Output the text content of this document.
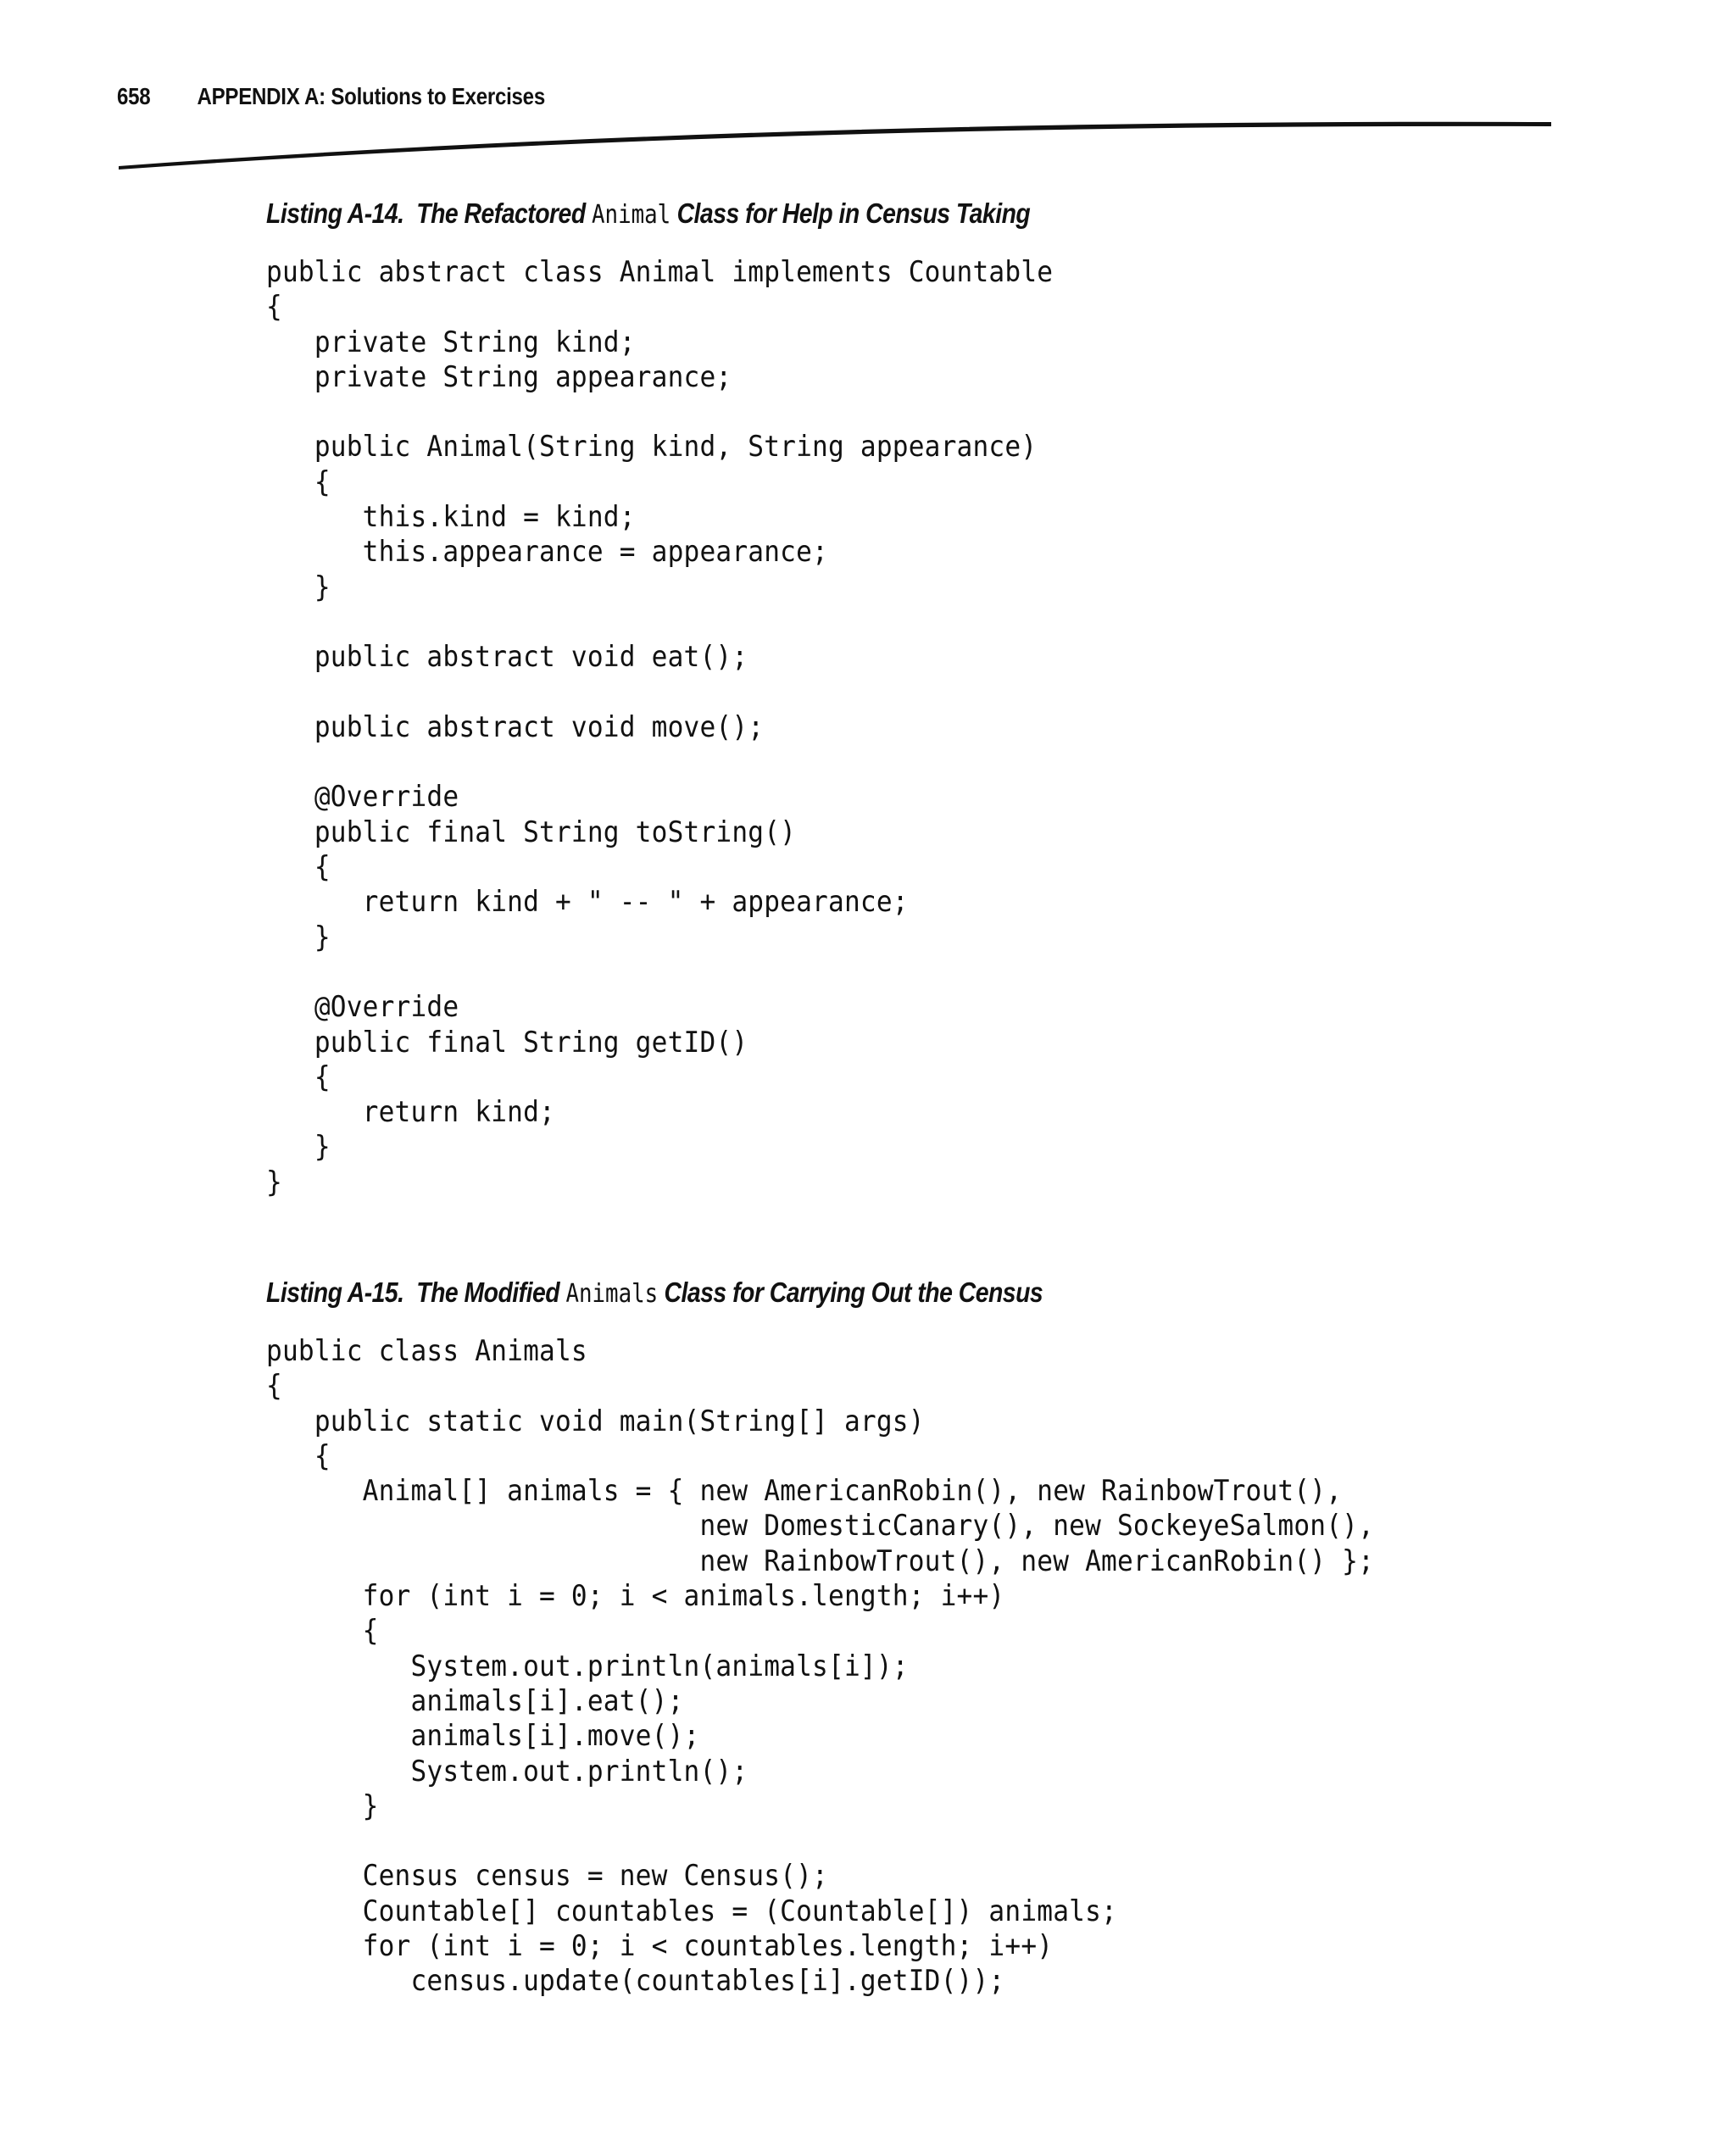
658 APPENDIX A: Solutions to Exercises
Listing A-14.  The Refactored Animal Class for Help in Census Taking
public abstract class Animal implements Countable
{
private String kind;
private String appearance;
public Animal(String kind, String appearance)
{
this.kind = kind;
this.appearance = appearance;
}
public abstract void eat();
public abstract void move();
@Override
public final String toString()
{
return kind + " -- " + appearance;
}
@Override
public final String getID()
{
return kind;
}
}
Listing A-15.  The Modified Animals Class for Carrying Out the Census
public class Animals
{
public static void main(String[] args)
{
Animal[] animals = { new AmericanRobin(), new RainbowTrout(),
new DomesticCanary(), new SockeyeSalmon(),
new RainbowTrout(), new AmericanRobin() };
for (int i = 0; i < animals.length; i++)
{
System.out.println(animals[i]);
animals[i].eat();
animals[i].move();
System.out.println();
}
Census census = new Census();
Countable[] countables = (Countable[]) animals;
for (int i = 0; i < countables.length; i++)
census.update(countables[i].getID());
